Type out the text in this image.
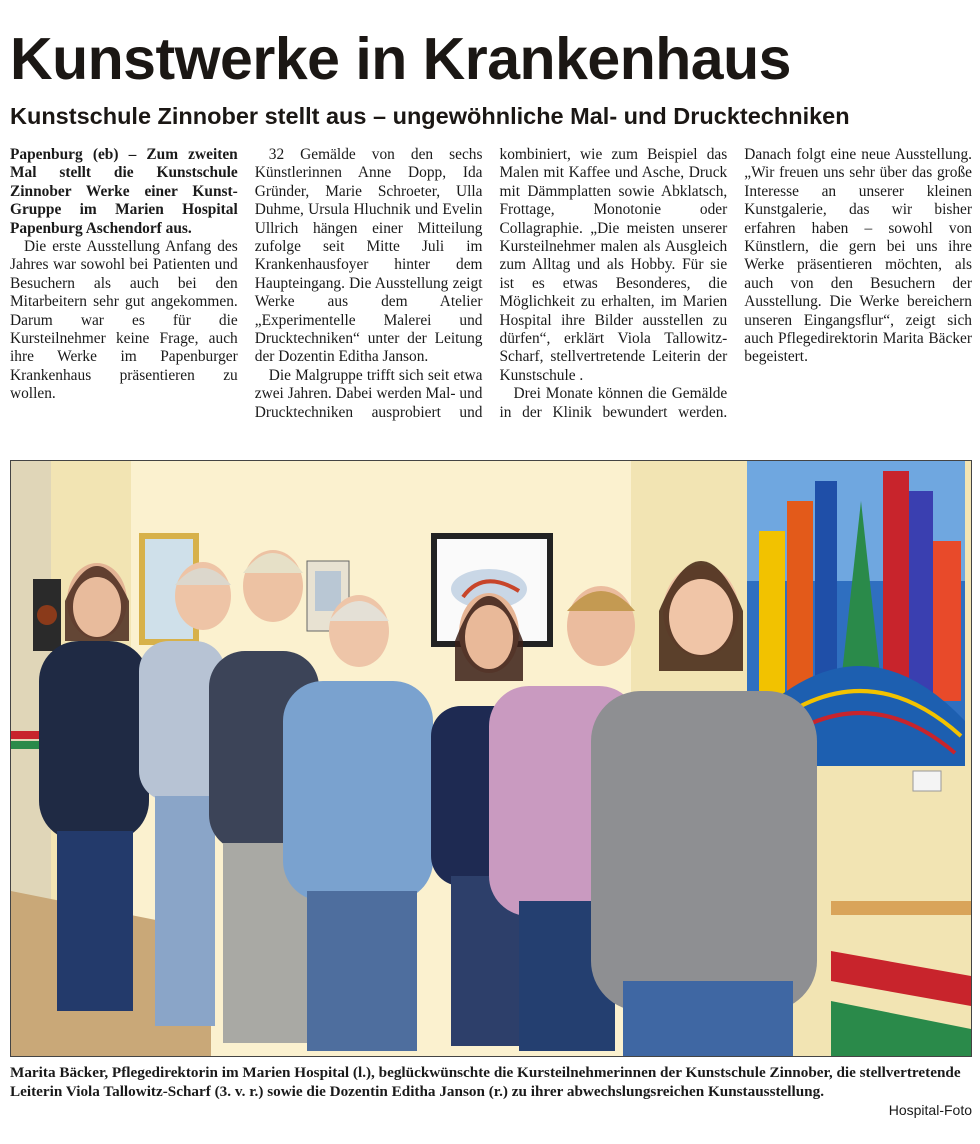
Kunstwerke in Krankenhaus
Kunstschule Zinnober stellt aus – ungewöhnliche Mal- und Drucktechniken

Papenburg (eb) – Zum zweiten Mal stellt die Kunstschule Zinnober Werke einer Kunst-Gruppe im Marien Hospital Papenburg Aschendorf aus.

Die erste Ausstellung Anfang des Jahres war sowohl bei Patienten und Besuchern als auch bei den Mitarbeitern sehr gut angekommen. Darum war es für die Kursteilnehmer keine Frage, auch ihre Werke im Papenburger Krankenhaus präsentieren zu wollen.

32 Gemälde von den sechs Künstlerinnen Anne Dopp, Ida Gründer, Marie Schroeter, Ulla Duhme, Ursula Hluchnik und Evelin Ullrich hängen einer Mitteilung zufolge seit Mitte Juli im Krankenhausfoyer hinter dem Haupteingang. Die Ausstellung zeigt Werke aus dem Atelier „Experimentelle Malerei und Drucktechniken“ unter der Leitung der Dozentin Editha Janson.

Die Malgruppe trifft sich seit etwa zwei Jahren. Dabei werden Mal- und Drucktechniken ausprobiert und kombiniert, wie zum Beispiel das Malen mit Kaffee und Asche, Druck mit Dämmplatten sowie Abklatsch, Frottage, Monotonie oder Collagraphie. „Die meisten unserer Kursteilnehmer malen als Ausgleich zum Alltag und als Hobby. Für sie ist es etwas Besonderes, die Möglichkeit zu erhalten, im Marien Hospital ihre Bilder ausstellen zu dürfen“, erklärt Viola Tallowitz-Scharf, stellvertretende Leiterin der Kunstschule .

Drei Monate können die Gemälde in der Klinik bewundert werden. Danach folgt eine neue Ausstellung. „Wir freuen uns sehr über das große Interesse an unserer kleinen Kunstgalerie, das wir bisher erfahren haben – sowohl von Künstlern, die gern bei uns ihre Werke präsentieren möchten, als auch von den Besuchern der Ausstellung. Die Werke bereichern unseren Eingangsflur“, zeigt sich auch Pflegedirektorin Marita Bäcker begeistert.

Marita Bäcker, Pflegedirektorin im Marien Hospital (l.), beglückwünschte die Kursteilnehmerinnen der Kunstschule Zinnober, die stellvertretende Leiterin Viola Tallowitz-Scharf (3. v. r.) sowie die Dozentin Editha Janson (r.) zu ihrer abwechslungsreichen Kunstausstellung.

Hospital-Foto
